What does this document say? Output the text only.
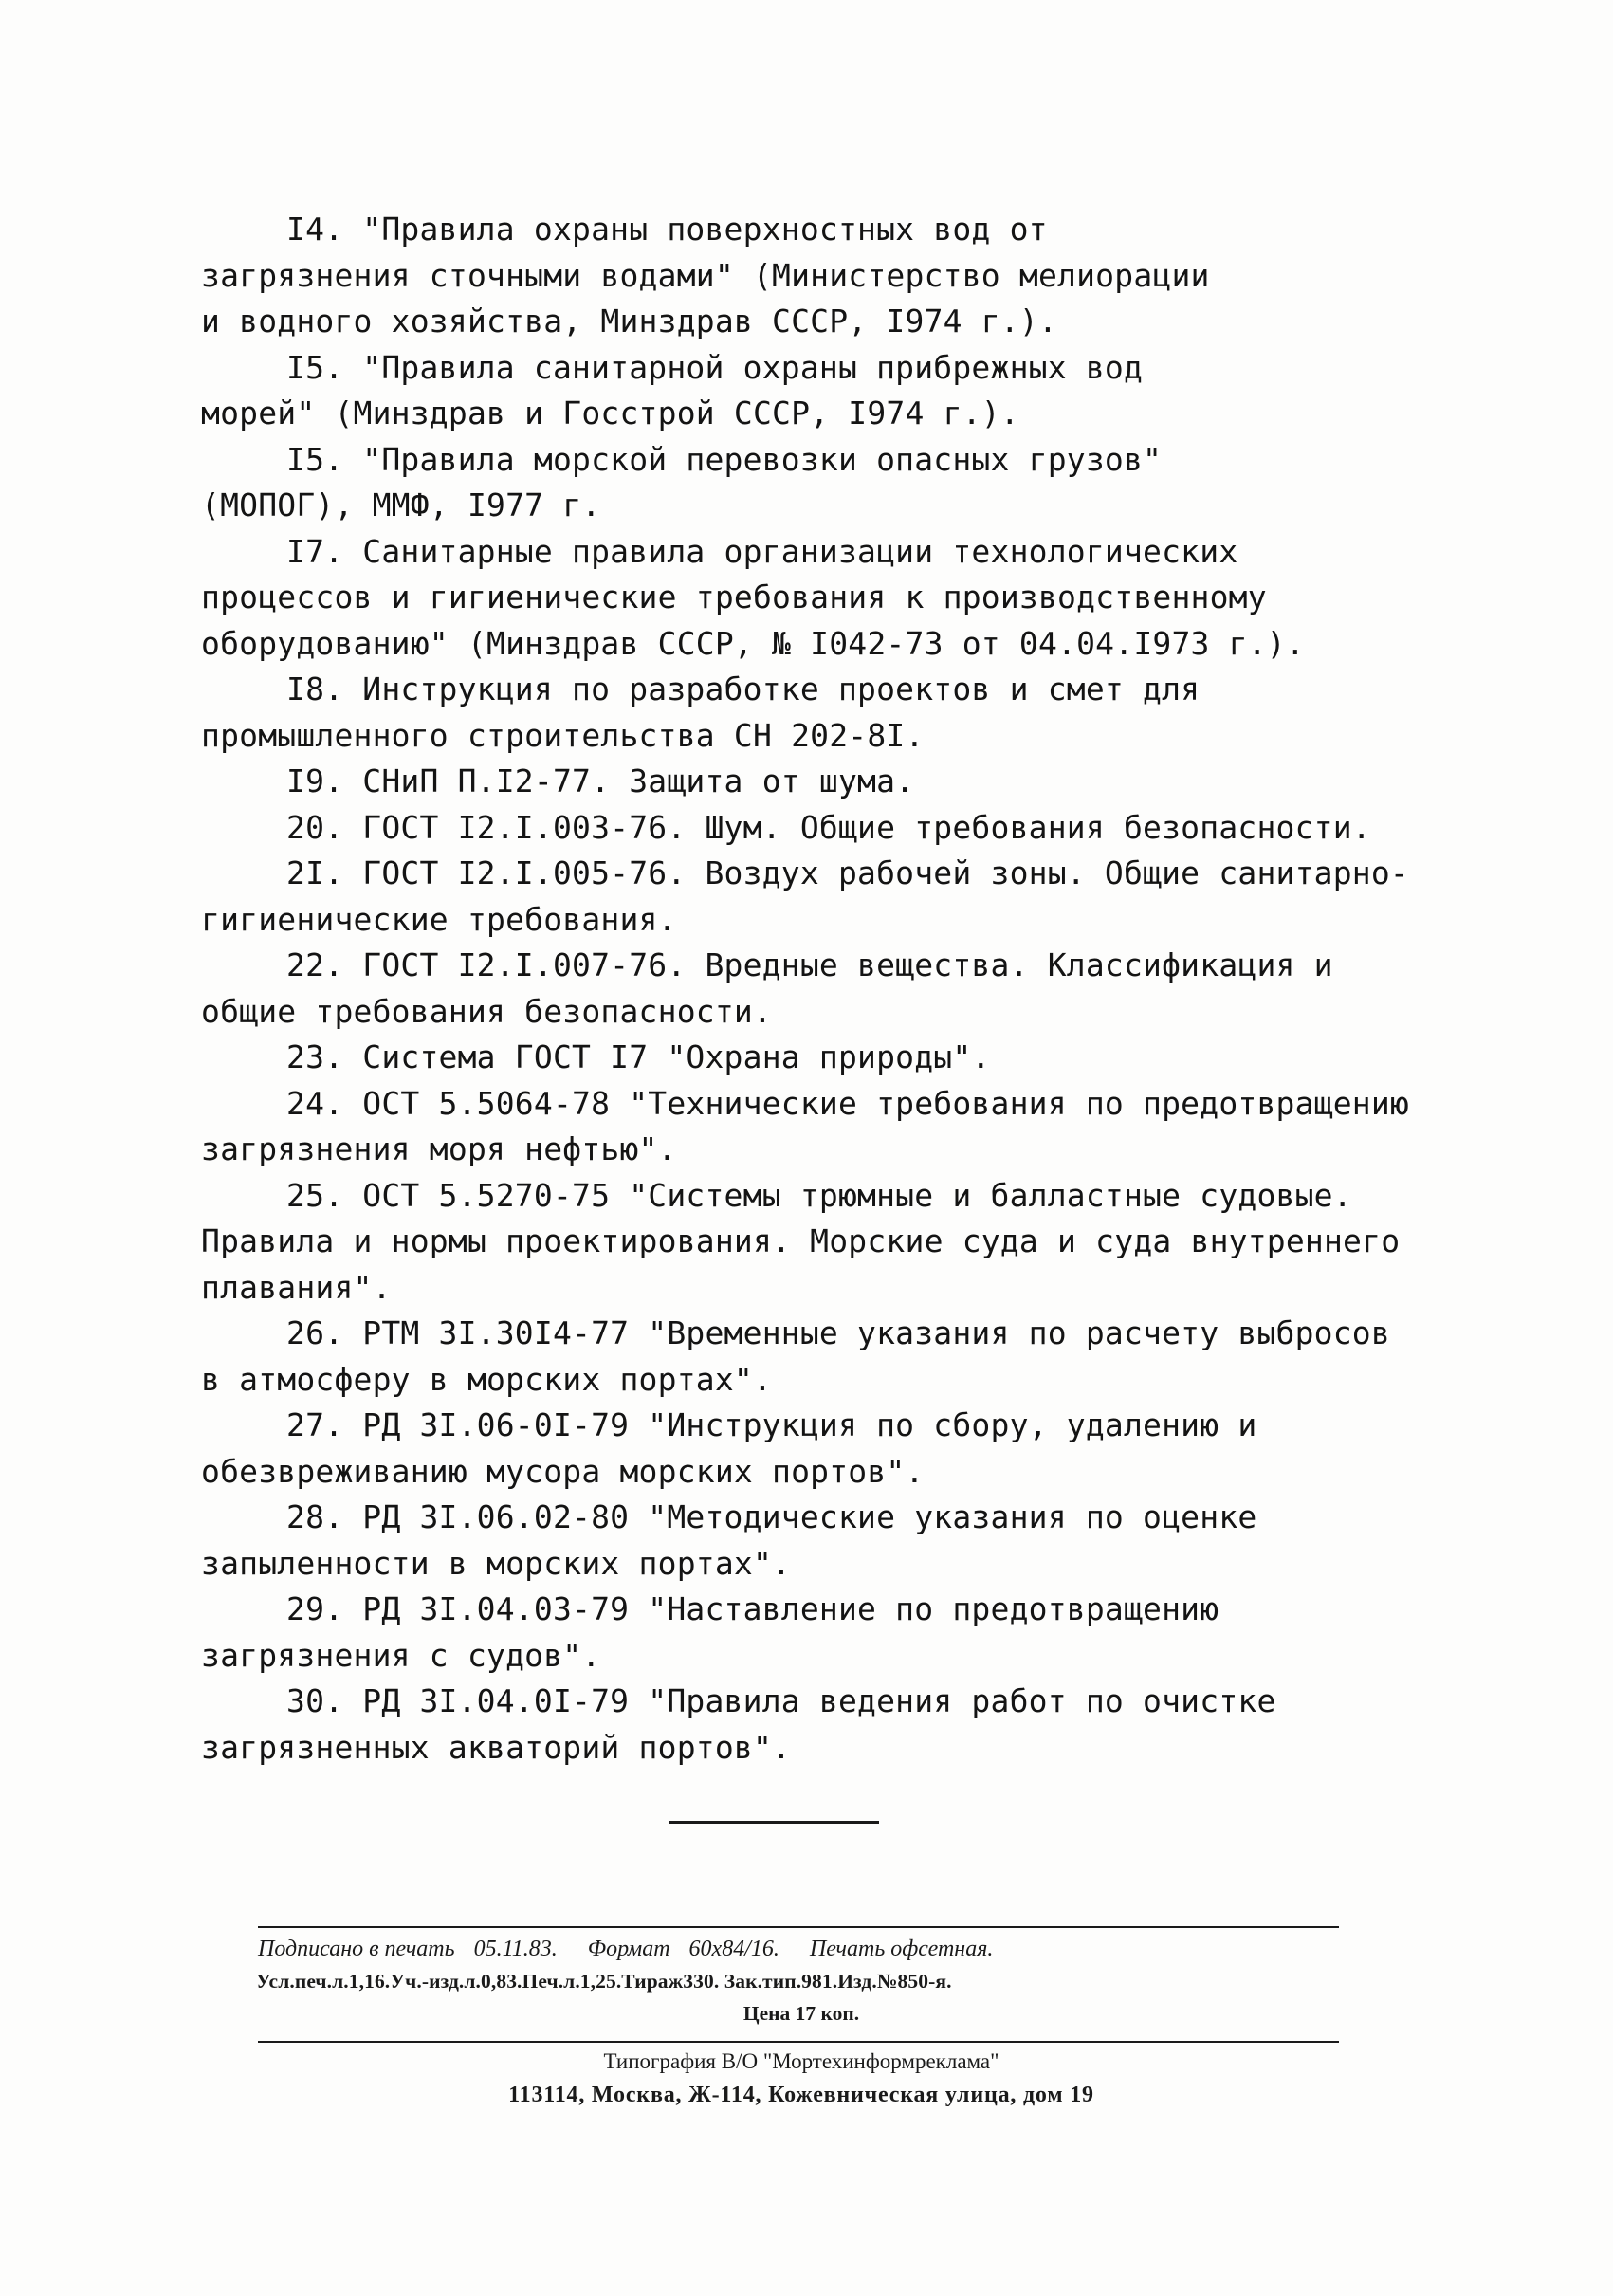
I4. "Правила охраны поверхностных вод от загрязнения сточными водами" (Министерство мелиорации и водного хозяйства, Минздрав СССР, I974 г.).

I5. "Правила санитарной охраны прибрежных вод морей" (Минздрав и Госстрой СССР, I974 г.).

I5. "Правила морской перевозки опасных грузов" (МОПОГ), ММФ, I977 г.

I7. Санитарные правила организации технологических процессов и гигиенические требования к производственному оборудованию" (Минздрав СССР, № I042-73 от 04.04.I973 г.).

I8. Инструкция по разработке проектов и смет для промышленного строительства СН 202-8I.

I9. СНиП П.I2-77. Защита от шума.

20. ГОСТ I2.I.003-76. Шум. Общие требования безопасности.

2I. ГОСТ I2.I.005-76. Воздух рабочей зоны. Общие санитарно-гигиенические требования.

22. ГОСТ I2.I.007-76. Вредные вещества. Классификация и общие требования безопасности.

23. Система ГОСТ I7 "Охрана природы".

24. ОСТ 5.5064-78 "Технические требования по предотвращению загрязнения моря нефтью".

25. ОСТ 5.5270-75 "Системы трюмные и балластные судовые. Правила и нормы проектирования. Морские суда и суда внутреннего плавания".

26. РТМ 3I.30I4-77 "Временные указания по расчету выбросов в атмосферу в морских портах".

27. РД 3I.06-0I-79 "Инструкция по сбору, удалению и обезвреживанию мусора морских портов".

28. РД 3I.06.02-80 "Методические указания по оценке запыленности в морских портах".

29. РД 3I.04.03-79 "Наставление по предотвращению загрязнения с судов".

30. РД 3I.04.0I-79 "Правила ведения работ по очистке загрязненных акваторий портов".

Подписано в печать 05.11.83. Формат 60x84/16. Печать офсетная.
Усл.печ.л.1,16.Уч.-изд.л.0,83.Печ.л.1,25.Тираж330. Зак.тип.981.Изд.№850-я.
Цена 17 коп.
Типография В/О "Мортехинформреклама"
113114, Москва, Ж-114, Кожевническая улица, дом 19
